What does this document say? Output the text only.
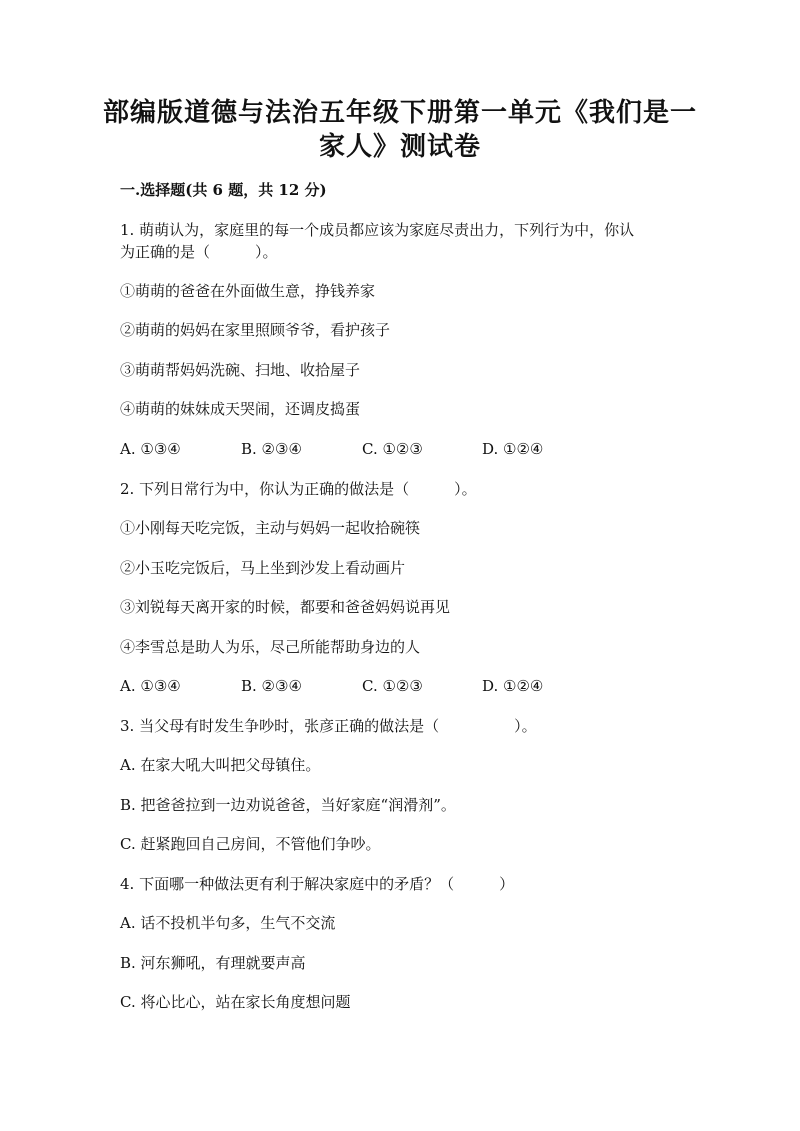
部编版道德与法治五年级下册第一单元《我们是一
家人》测试卷
一.选择题(共 6 题，共 12 分)
1. 萌萌认为，家庭里的每一个成员都应该为家庭尽责出力，下列行为中，你认
为正确的是（　　　）。
①萌萌的爸爸在外面做生意，挣钱养家
②萌萌的妈妈在家里照顾爷爷，看护孩子
③萌萌帮妈妈洗碗、扫地、收拾屋子
④萌萌的妹妹成天哭闹，还调皮捣蛋
A. ①③④	B. ②③④	C. ①②③	D. ①②④
2. 下列日常行为中，你认为正确的做法是（　　　）。
①小刚每天吃完饭，主动与妈妈一起收拾碗筷
②小玉吃完饭后，马上坐到沙发上看动画片
③刘锐每天离开家的时候，都要和爸爸妈妈说再见
④李雪总是助人为乐，尽己所能帮助身边的人
A. ①③④	B. ②③④	C. ①②③	D. ①②④
3. 当父母有时发生争吵时，张彦正确的做法是（　　　　　）。
A. 在家大吼大叫把父母镇住。
B. 把爸爸拉到一边劝说爸爸，当好家庭“润滑剂”。
C. 赶紧跑回自己房间，不管他们争吵。
4. 下面哪一种做法更有利于解决家庭中的矛盾？（　　　）
A. 话不投机半句多，生气不交流
B. 河东狮吼，有理就要声高
C. 将心比心，站在家长角度想问题
